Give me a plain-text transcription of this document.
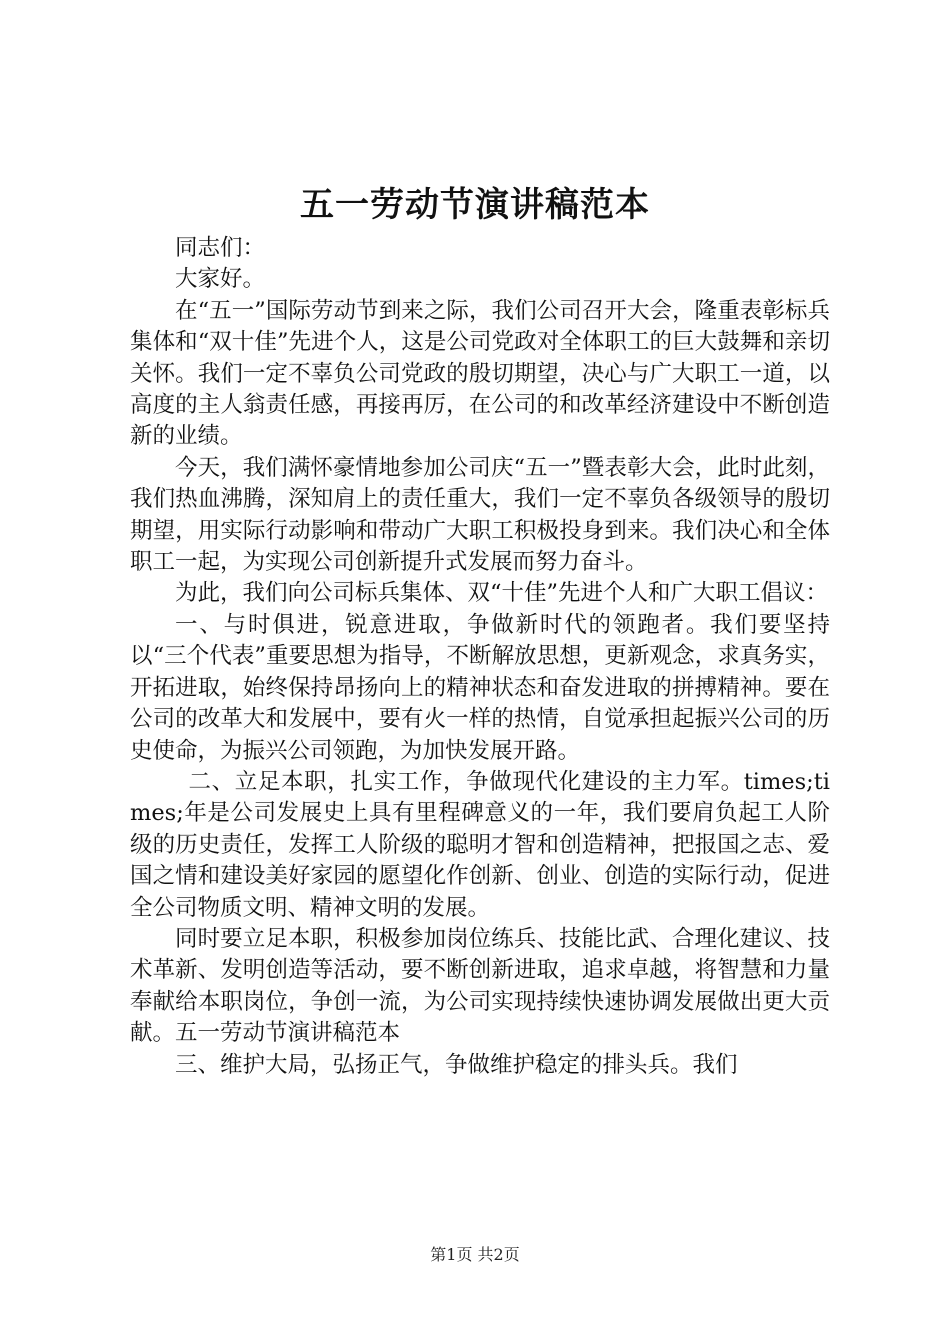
五一劳动节演讲稿范本

同志们：

大家好。

在“五一”国际劳动节到来之际，我们公司召开大会，隆重表彰标兵集体和“双十佳”先进个人，这是公司党政对全体职工的巨大鼓舞和亲切关怀。我们一定不辜负公司党政的殷切期望，决心与广大职工一道，以高度的主人翁责任感，再接再厉，在公司的和改革经济建设中不断创造新的业绩。

今天，我们满怀豪情地参加公司庆“五一”暨表彰大会，此时此刻，我们热血沸腾，深知肩上的责任重大，我们一定不辜负各级领导的殷切期望，用实际行动影响和带动广大职工积极投身到来。我们决心和全体职工一起，为实现公司创新提升式发展而努力奋斗。

为此，我们向公司标兵集体、双“十佳”先进个人和广大职工倡议：

一、与时俱进，锐意进取，争做新时代的领跑者。我们要坚持以“三个代表”重要思想为指导，不断解放思想，更新观念，求真务实，开拓进取，始终保持昂扬向上的精神状态和奋发进取的拼搏精神。要在公司的改革大和发展中，要有火一样的热情，自觉承担起振兴公司的历史使命，为振兴公司领跑，为加快发展开路。

二、立足本职，扎实工作，争做现代化建设的主力军。times;times;年是公司发展史上具有里程碑意义的一年，我们要肩负起工人阶级的历史责任，发挥工人阶级的聪明才智和创造精神，把报国之志、爱国之情和建设美好家园的愿望化作创新、创业、创造的实际行动，促进全公司物质文明、精神文明的发展。

同时要立足本职，积极参加岗位练兵、技能比武、合理化建议、技术革新、发明创造等活动，要不断创新进取，追求卓越，将智慧和力量奉献给本职岗位，争创一流，为公司实现持续快速协调发展做出更大贡献。五一劳动节演讲稿范本

三、维护大局，弘扬正气，争做维护稳定的排头兵。我们

第1页 共2页
